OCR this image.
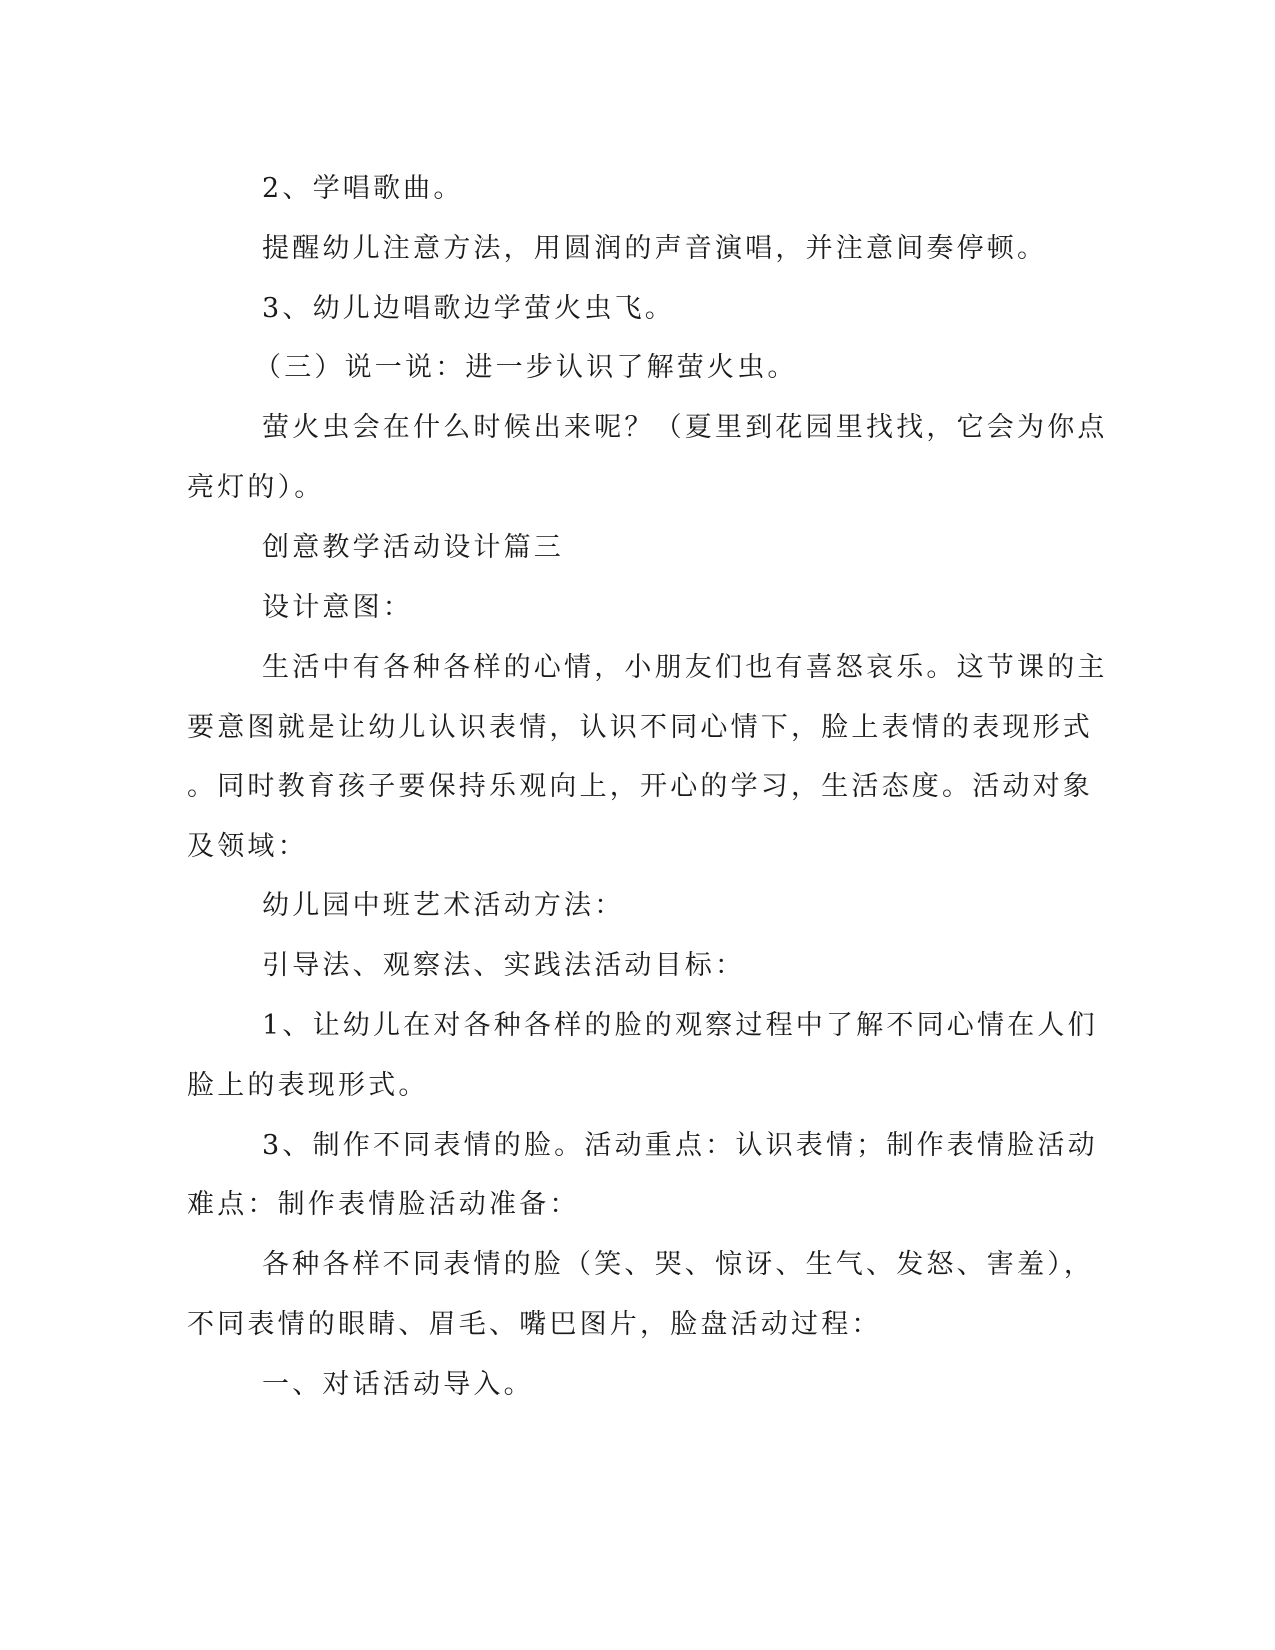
2、学唱歌曲。
提醒幼儿注意方法，用圆润的声音演唱，并注意间奏停顿。
3、幼儿边唱歌边学萤火虫飞。
（三）说一说：进一步认识了解萤火虫。
萤火虫会在什么时候出来呢？（夏里到花园里找找，它会为你点
亮灯的）。
创意教学活动设计篇三
设计意图：
生活中有各种各样的心情，小朋友们也有喜怒哀乐。这节课的主
要意图就是让幼儿认识表情，认识不同心情下，脸上表情的表现形式
。同时教育孩子要保持乐观向上，开心的学习，生活态度。活动对象
及领域：
幼儿园中班艺术活动方法：
引导法、观察法、实践法活动目标：
1、让幼儿在对各种各样的脸的观察过程中了解不同心情在人们
脸上的表现形式。
3、制作不同表情的脸。活动重点：认识表情；制作表情脸活动
难点：制作表情脸活动准备：
各种各样不同表情的脸（笑、哭、惊讶、生气、发怒、害羞），
不同表情的眼睛、眉毛、嘴巴图片，脸盘活动过程：
一、对话活动导入。
